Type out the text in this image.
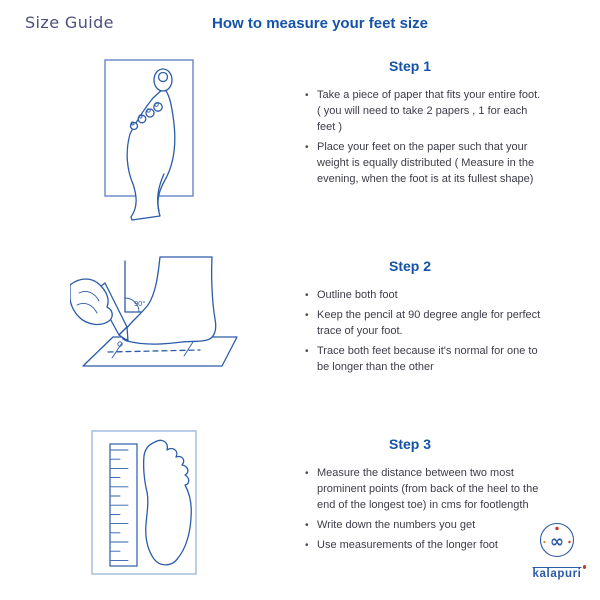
Size Guide	How to measure your feet size
Step 1
• Take a piece of paper that fits your entire foot.
( you will need to take 2 papers , 1 for each
feet )
• Place your feet on the paper such that your
weight is equally distributed ( Measure in the
evening, when the foot is at its fullest shape)
90°
Step 2
• Outline both foot
• Keep the pencil at 90 degree angle for perfect
trace of your foot.
• Trace both feet because it's normal for one to
be longer than the other
Step 3
• Measure the distance between two most
prominent points (from back of the heel to the
end of the longest toe) in cms for footlength
• Write down the numbers you get
• Use measurements of the longer foot	∞
kalapuri
